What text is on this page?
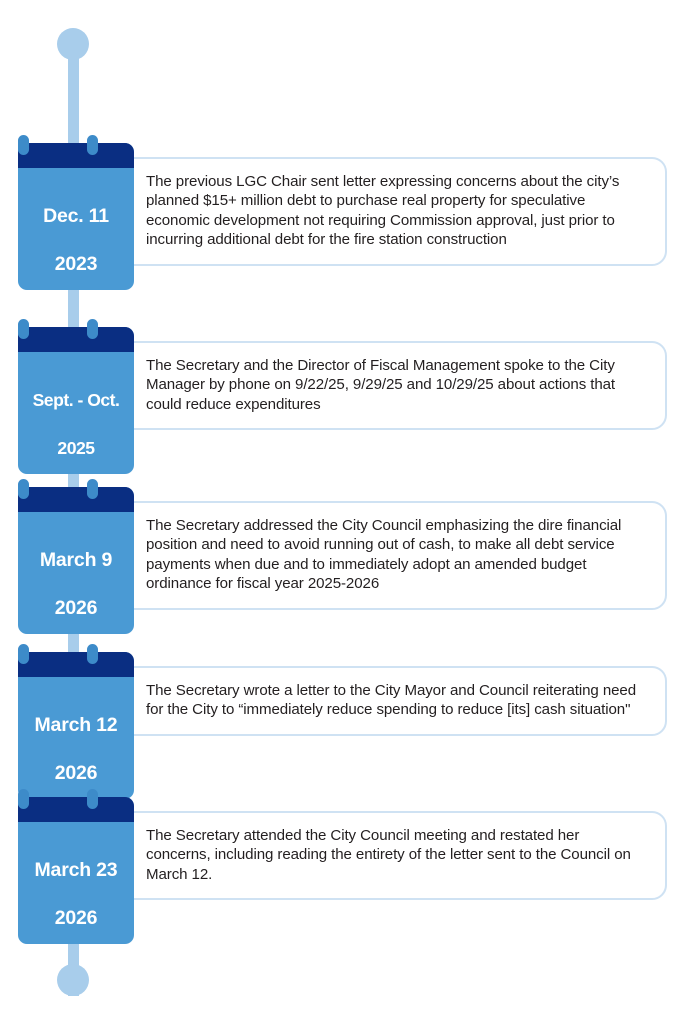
The previous LGC Chair sent letter expressing concerns about the city’s planned $15+ million debt to purchase real property for speculative economic development not requiring Commission approval, just prior to incurring additional debt for the fire station construction

Dec. 11

2023

The Secretary and the Director of Fiscal Management spoke to the City Manager by phone on 9/22/25, 9/29/25 and 10/29/25 about actions that could reduce expenditures

Sept. - Oct.

2025

The Secretary addressed the City Council emphasizing the dire financial position and need to avoid running out of cash, to make all debt service payments when due and to immediately adopt an amended budget ordinance for fiscal year 2025-2026

March 9

2026

The Secretary wrote a letter to the City Mayor and Council reiterating need for the City to “immediately reduce spending to reduce [its] cash situation"

March 12

2026

The Secretary attended the City Council meeting and restated her concerns, including reading the entirety of the letter sent to the Council on March 12.

March 23

2026
